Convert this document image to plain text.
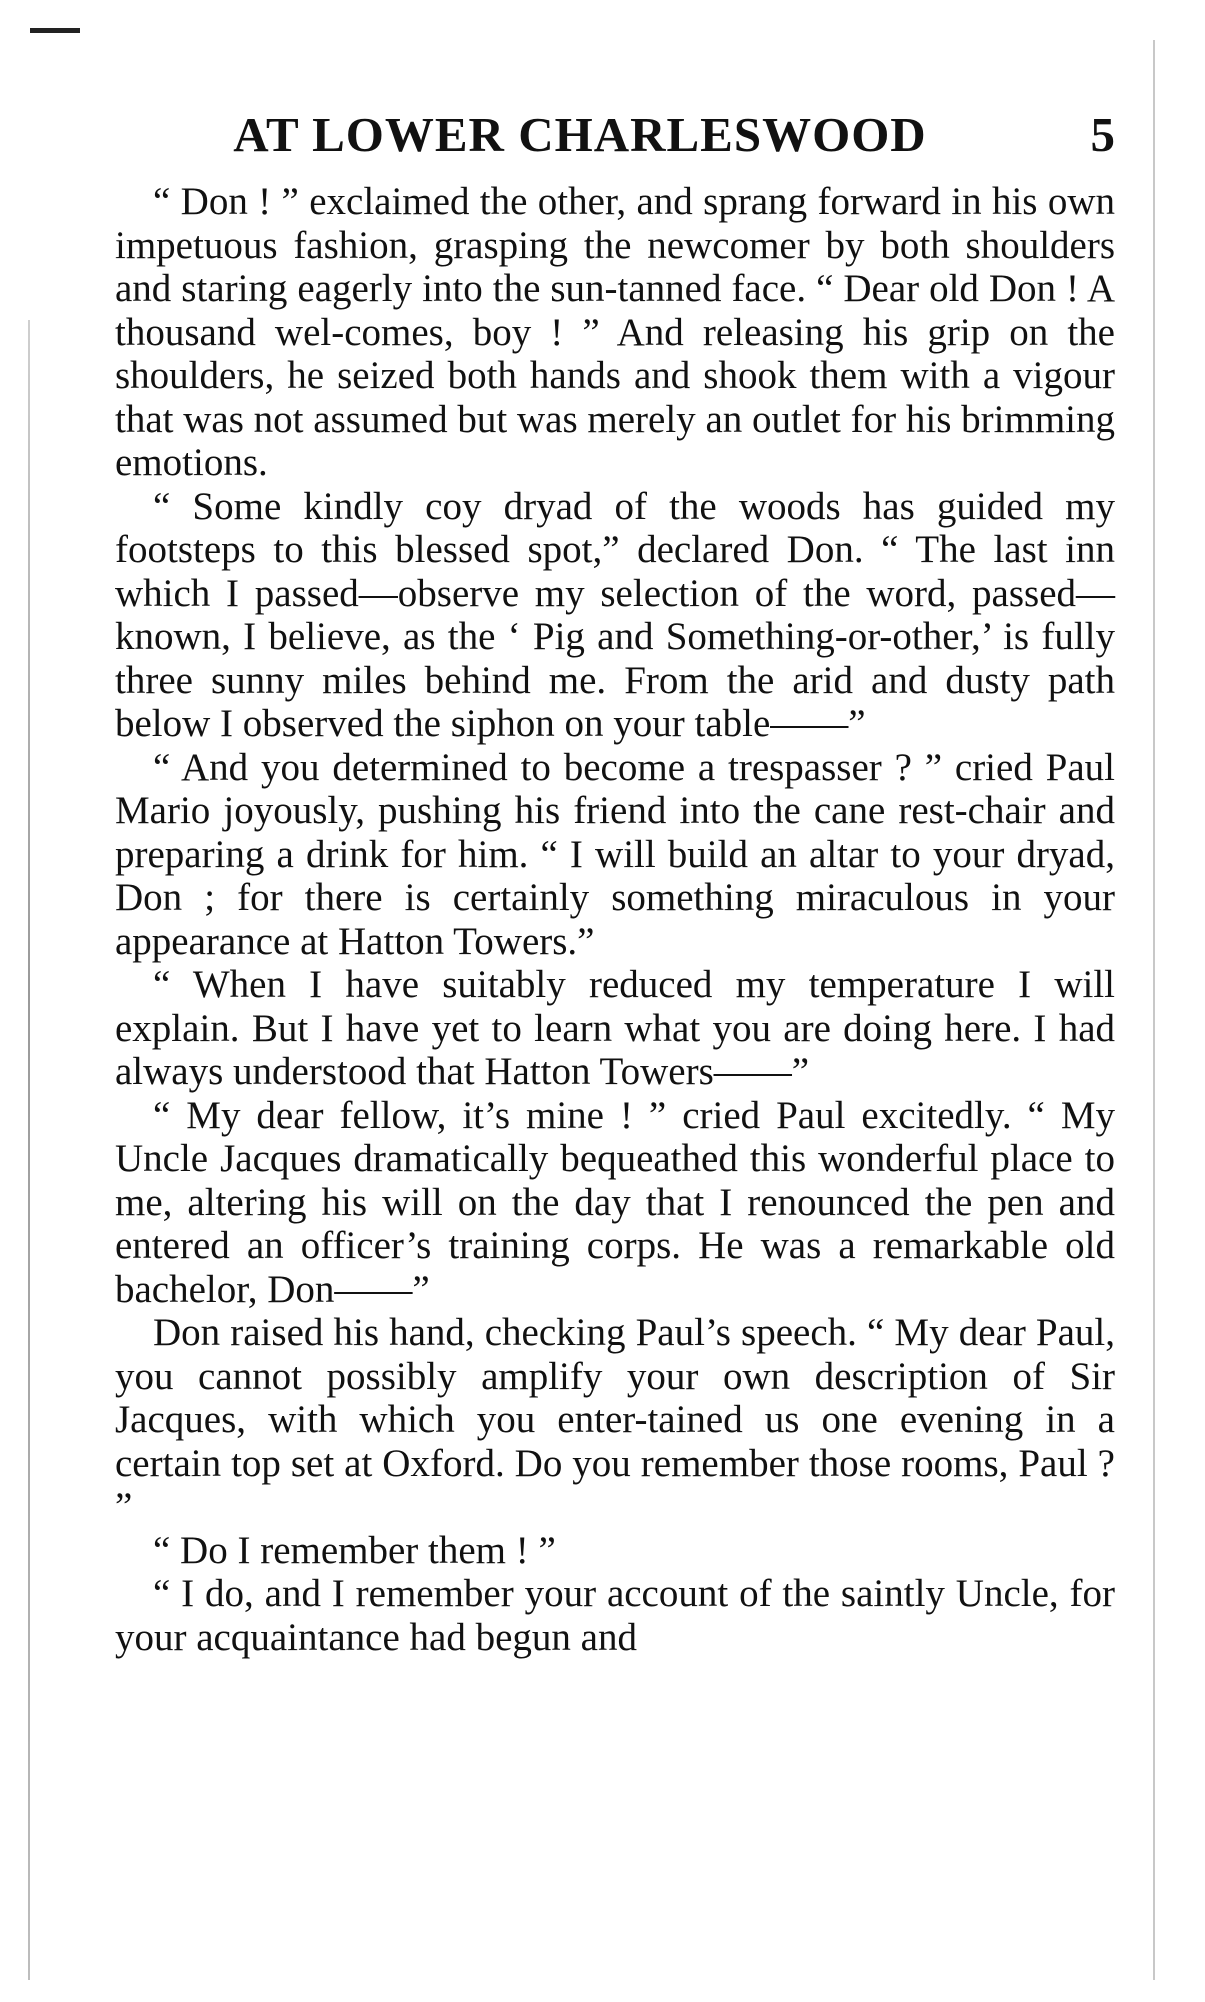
AT LOWER CHARLESWOOD	5

“ Don ! ” exclaimed the other, and sprang forward in his own impetuous fashion, grasping the newcomer by both shoulders and staring eagerly into the sun-tanned face. “ Dear old Don ! A thousand wel-comes, boy ! ” And releasing his grip on the shoulders, he seized both hands and shook them with a vigour that was not assumed but was merely an outlet for his brimming emotions.

“ Some kindly coy dryad of the woods has guided my footsteps to this blessed spot,” declared Don. “ The last inn which I passed—observe my selection of the word, passed—known, I believe, as the ‘ Pig and Something-or-other,’ is fully three sunny miles behind me. From the arid and dusty path below I observed the siphon on your table——”

“ And you determined to become a trespasser ? ” cried Paul Mario joyously, pushing his friend into the cane rest-chair and preparing a drink for him. “ I will build an altar to your dryad, Don ; for there is certainly something miraculous in your appearance at Hatton Towers.”

“ When I have suitably reduced my temperature I will explain. But I have yet to learn what you are doing here. I had always understood that Hatton Towers——”

“ My dear fellow, it’s mine ! ” cried Paul excitedly. “ My Uncle Jacques dramatically bequeathed this wonderful place to me, altering his will on the day that I renounced the pen and entered an officer’s training corps. He was a remarkable old bachelor, Don——”

Don raised his hand, checking Paul’s speech. “ My dear Paul, you cannot possibly amplify your own description of Sir Jacques, with which you enter-tained us one evening in a certain top set at Oxford. Do you remember those rooms, Paul ? ”

“ Do I remember them ! ”

“ I do, and I remember your account of the saintly Uncle, for your acquaintance had begun and
